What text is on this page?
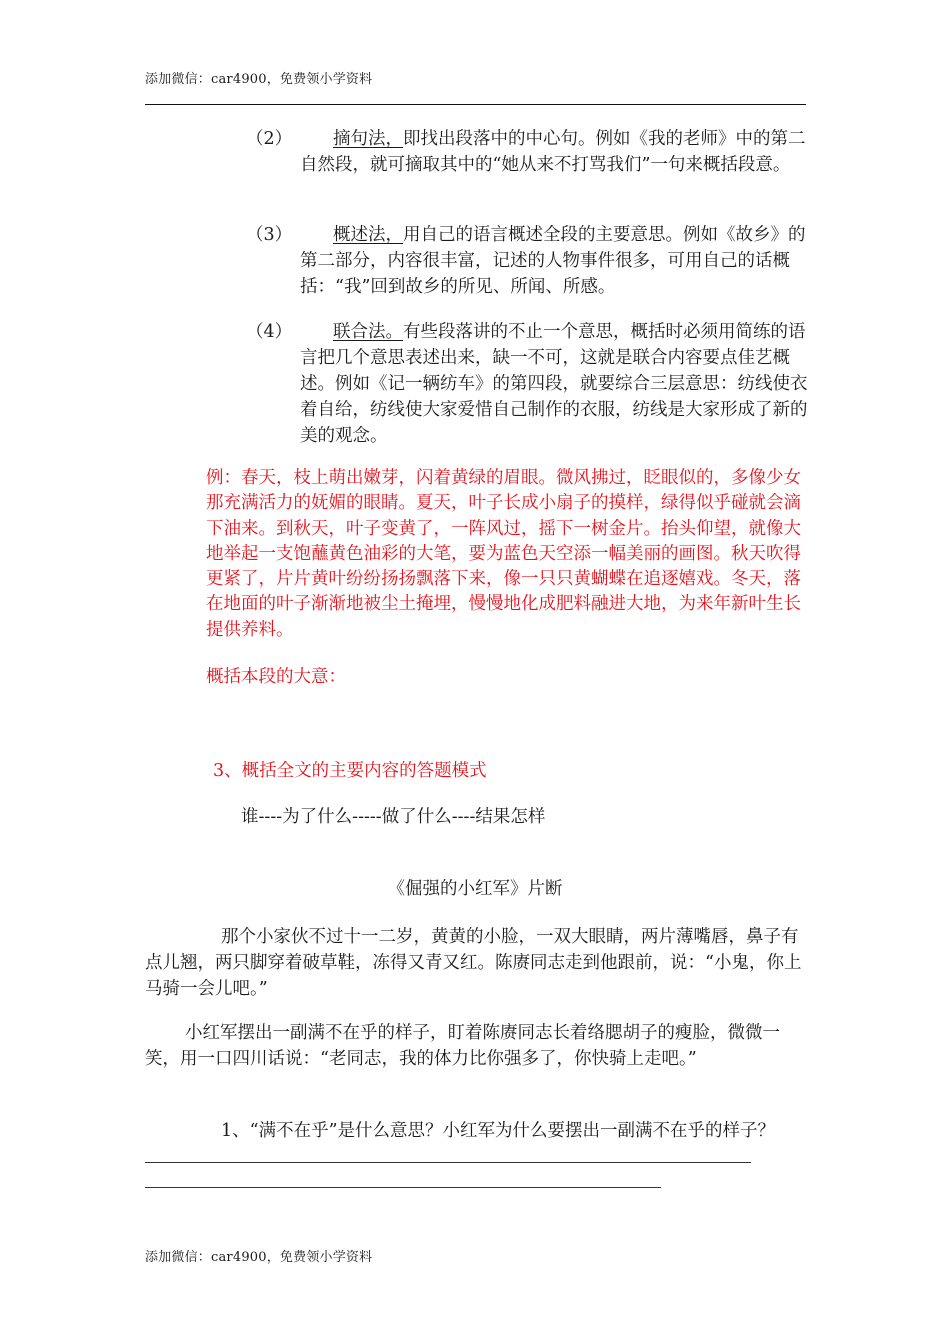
添加微信：car4900，免费领小学资料
（2）	摘句法，即找出段落中的中心句。例如《我的老师》中的第二自然段，就可摘取其中的“她从来不打骂我们”一句来概括段意。
（3）	概述法，用自己的语言概述全段的主要意思。例如《故乡》的第二部分，内容很丰富，记述的人物事件很多，可用自己的话概括：“我”回到故乡的所见、所闻、所感。
（4）	联合法。有些段落讲的不止一个意思，概括时必须用简练的语言把几个意思表述出来，缺一不可，这就是联合内容要点佳艺概述。例如《记一辆纺车》的第四段，就要综合三层意思：纺线使衣着自给，纺线使大家爱惜自己制作的衣服，纺线是大家形成了新的美的观念。
例：春天，枝上萌出嫩芽，闪着黄绿的眉眼。微风拂过，眨眼似的，多像少女那充满活力的妩媚的眼睛。夏天，叶子长成小扇子的摸样，绿得似乎碰就会滴下油来。到秋天，叶子变黄了，一阵风过，摇下一树金片。抬头仰望，就像大地举起一支饱蘸黄色油彩的大笔，要为蓝色天空添一幅美丽的画图。秋天吹得更紧了，片片黄叶纷纷扬扬飘落下来，像一只只黄蝴蝶在追逐嬉戏。冬天，落在地面的叶子渐渐地被尘土掩埋，慢慢地化成肥料融进大地，为来年新叶生长提供养料。
概括本段的大意：
3、概括全文的主要内容的答题模式
谁----为了什么-----做了什么----结果怎样
《倔强的小红军》片断
那个小家伙不过十一二岁，黄黄的小脸，一双大眼睛，两片薄嘴唇，鼻子有点儿翘，两只脚穿着破草鞋，冻得又青又红。陈赓同志走到他跟前，说：“小鬼，你上马骑一会儿吧。”
小红军摆出一副满不在乎的样子，盯着陈赓同志长着络腮胡子的瘦脸，微微一笑，用一口四川话说：“老同志，我的体力比你强多了，你快骑上走吧。”
1、“满不在乎”是什么意思？小红军为什么要摆出一副满不在乎的样子？
添加微信：car4900，免费领小学资料
